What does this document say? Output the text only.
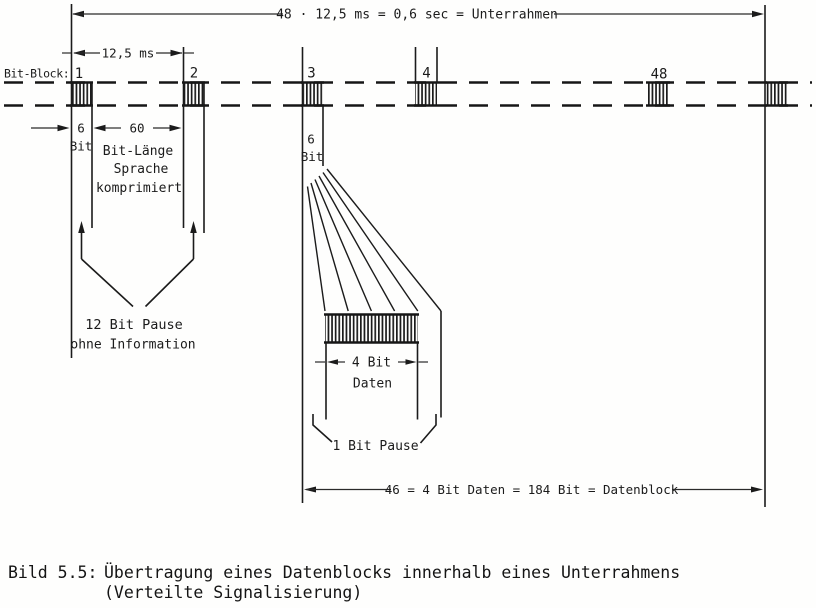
48 · 12,5 ms = 0,6 sec = Unterrahmen
12,5 ms
Bit-Block: 1	2	3	4	48
6
Bit
60
Bit-Länge
Sprache
komprimiert
6
Bit
12 Bit Pause
ohne Information
4 Bit
Daten
1 Bit Pause
46 = 4 Bit Daten = 184 Bit = Datenblock
Bild 5.5: Übertragung eines Datenblocks innerhalb eines Unterrahmens
(Verteilte Signalisierung)
